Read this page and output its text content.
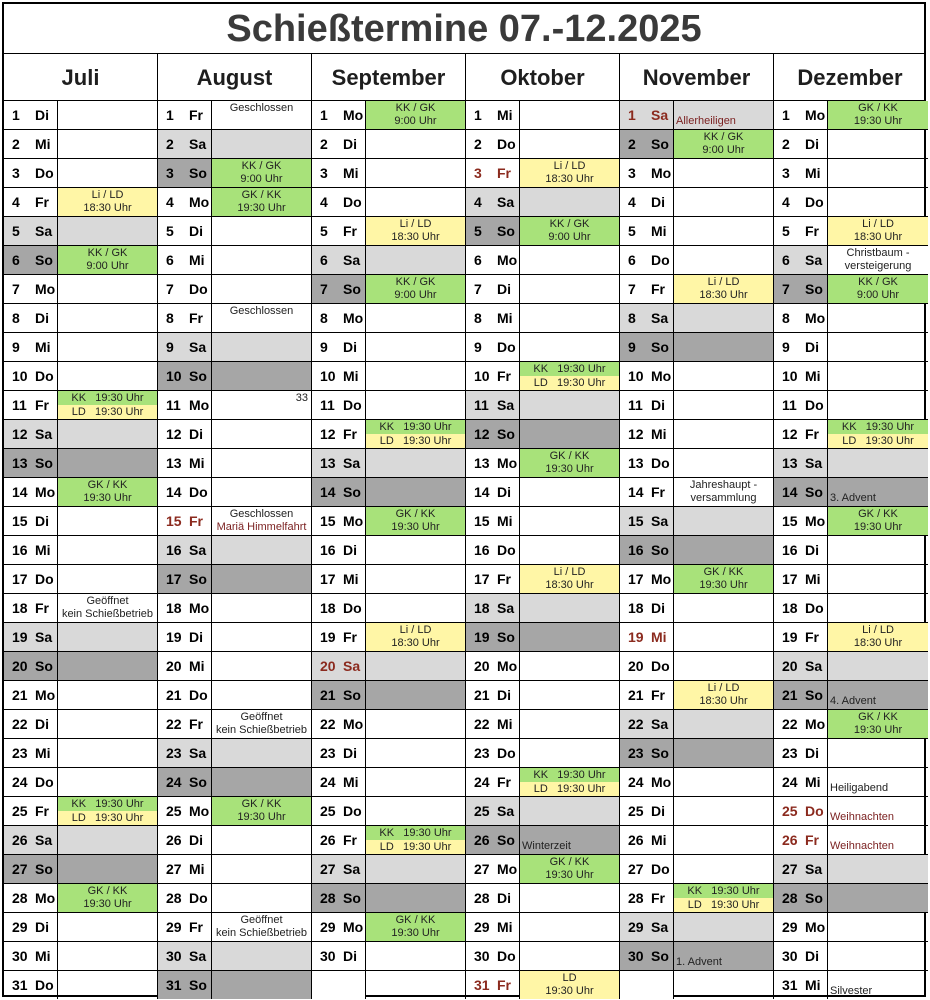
Schießtermine 07.-12.2025
Juli	August	September	Oktober	November	Dezember
1 Di
2 Mi
3 Do
4 Fr	Li / LD
18:30 Uhr
5 Sa
6 So	KK / GK
9:00 Uhr
7 Mo
8 Di
9 Mi
10 Do
11 Fr	KK   19:30 Uhr
LD   19:30 Uhr
12 Sa
13 So
14 Mo	GK / KK
19:30 Uhr
15 Di
16 Mi
17 Do
18 Fr	Geöffnet
kein Schießbetrieb
19 Sa
20 So
21 Mo
22 Di
23 Mi
24 Do
25 Fr	KK   19:30 Uhr
LD   19:30 Uhr
26 Sa
27 So
28 Mo	GK / KK
19:30 Uhr
29 Di
30 Mi
31 Do
1 Fr	Geschlossen
2 Sa
3 So	KK / GK
9:00 Uhr
4 Mo	GK / KK
19:30 Uhr
5 Di
6 Mi
7 Do
8 Fr	Geschlossen
9 Sa
10 So
11 Mo	33
12 Di
13 Mi
14 Do
15 Fr	Geschlossen
Mariä Himmelfahrt
16 Sa
17 So
18 Mo
19 Di
20 Mi
21 Do
22 Fr	Geöffnet
kein Schießbetrieb
23 Sa
24 So
25 Mo	GK / KK
19:30 Uhr
26 Di
27 Mi
28 Do
29 Fr	Geöffnet
kein Schießbetrieb
30 Sa
31 So
1 Mo	KK / GK
9:00 Uhr
2 Di
3 Mi
4 Do
5 Fr	Li / LD
18:30 Uhr
6 Sa
7 So	KK / GK
9:00 Uhr
8 Mo
9 Di
10 Mi
11 Do
12 Fr	KK   19:30 Uhr
LD   19:30 Uhr
13 Sa
14 So
15 Mo	GK / KK
19:30 Uhr
16 Di
17 Mi
18 Do
19 Fr	Li / LD
18:30 Uhr
20 Sa
21 So
22 Mo
23 Di
24 Mi
25 Do
26 Fr	KK   19:30 Uhr
LD   19:30 Uhr
27 Sa
28 So
29 Mo	GK / KK
19:30 Uhr
30 Di
1 Mi
2 Do
3 Fr	Li / LD
18:30 Uhr
4 Sa
5 So	KK / GK
9:00 Uhr
6 Mo
7 Di
8 Mi
9 Do
10 Fr	KK   19:30 Uhr
LD   19:30 Uhr
11 Sa
12 So
13 Mo	GK / KK
19:30 Uhr
14 Di
15 Mi
16 Do
17 Fr	Li / LD
18:30 Uhr
18 Sa
19 So
20 Mo
21 Di
22 Mi
23 Do
24 Fr	KK   19:30 Uhr
LD   19:30 Uhr
25 Sa
26 So Winterzeit
27 Mo	GK / KK
19:30 Uhr
28 Di
29 Mi
30 Do
31 Fr	LD
19:30 Uhr
1 Sa Allerheiligen
2 So	KK / GK
9:00 Uhr
3 Mo
4 Di
5 Mi
6 Do
7 Fr	Li / LD
18:30 Uhr
8 Sa
9 So
10 Mo
11 Di
12 Mi
13 Do
14 Fr	Jahreshaupt -
versammlung
15 Sa
16 So
17 Mo	GK / KK
19:30 Uhr
18 Di
19 Mi
20 Do
21 Fr	Li / LD
18:30 Uhr
22 Sa
23 So
24 Mo
25 Di
26 Mi
27 Do
28 Fr	KK   19:30 Uhr
LD   19:30 Uhr
29 Sa
30 So 1. Advent
1 Mo	GK / KK
19:30 Uhr
2 Di
3 Mi
4 Do
5 Fr	Li / LD
18:30 Uhr
6 Sa	Christbaum -
versteigerung
7 So	KK / GK
9:00 Uhr
8 Mo
9 Di
10 Mi
11 Do
12 Fr	KK   19:30 Uhr
LD   19:30 Uhr
13 Sa
14 So 3. Advent
15 Mo	GK / KK
19:30 Uhr
16 Di
17 Mi
18 Do
19 Fr	Li / LD
18:30 Uhr
20 Sa
21 So 4. Advent
22 Mo	GK / KK
19:30 Uhr
23 Di
24 Mi Heiligabend
25 Do Weihnachten
26 Fr Weihnachten
27 Sa
28 So
29 Mo
30 Di
31 Mi Silvester
